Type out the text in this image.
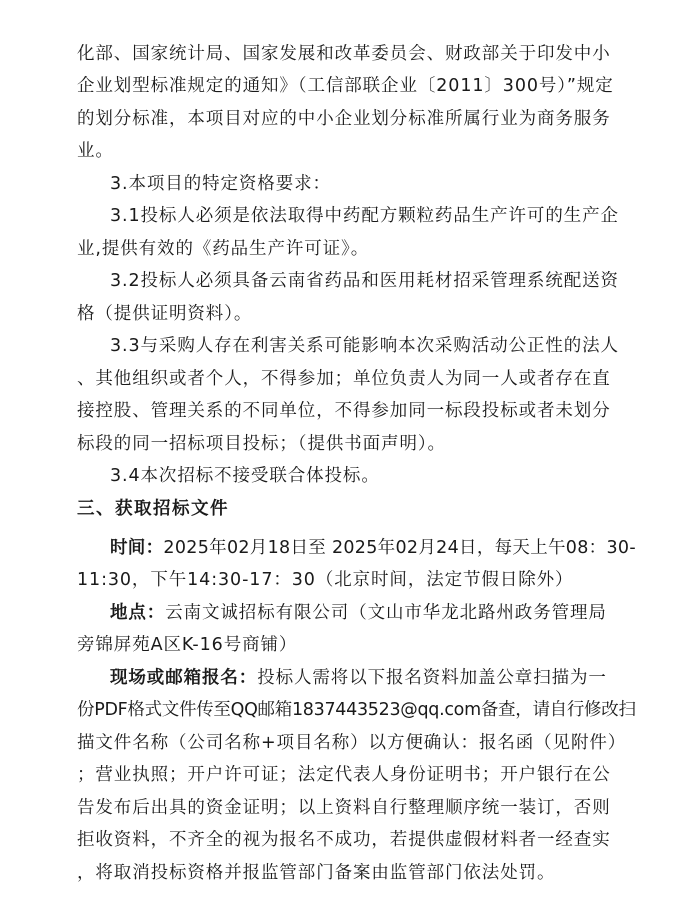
化部、国家统计局、国家发展和改革委员会、财政部关于印发中小
企业划型标准规定的通知》（工信部联企业〔2011〕300号）”规定
的划分标准，本项目对应的中小企业划分标准所属行业为商务服务
业。
3.本项目的特定资格要求：
3.1投标人必须是依法取得中药配方颗粒药品生产许可的生产企
业,提供有效的《药品生产许可证》。
3.2投标人必须具备云南省药品和医用耗材招采管理系统配送资
格（提供证明资料）。
3.3与采购人存在利害关系可能影响本次采购活动公正性的法人
、其他组织或者个人，不得参加；单位负责人为同一人或者存在直
接控股、管理关系的不同单位，不得参加同一标段投标或者未划分
标段的同一招标项目投标；（提供书面声明）。
3.4本次招标不接受联合体投标。
三、获取招标文件
时间：2025年02月18日至 2025年02月24日，每天上午08：30-
11:30，下午14:30-17：30（北京时间，法定节假日除外）
地点：云南文诚招标有限公司（文山市华龙北路州政务管理局
旁锦屏苑A区K-16号商铺）
现场或邮箱报名：投标人需将以下报名资料加盖公章扫描为一
份PDF格式文件传至QQ邮箱1837443523@qq.com备查，请自行修改扫
描文件名称（公司名称+项目名称）以方便确认：报名函（见附件）
；营业执照；开户许可证；法定代表人身份证明书；开户银行在公
告发布后出具的资金证明；以上资料自行整理顺序统一装订，否则
拒收资料，不齐全的视为报名不成功，若提供虚假材料者一经查实
，将取消投标资格并报监管部门备案由监管部门依法处罚。
